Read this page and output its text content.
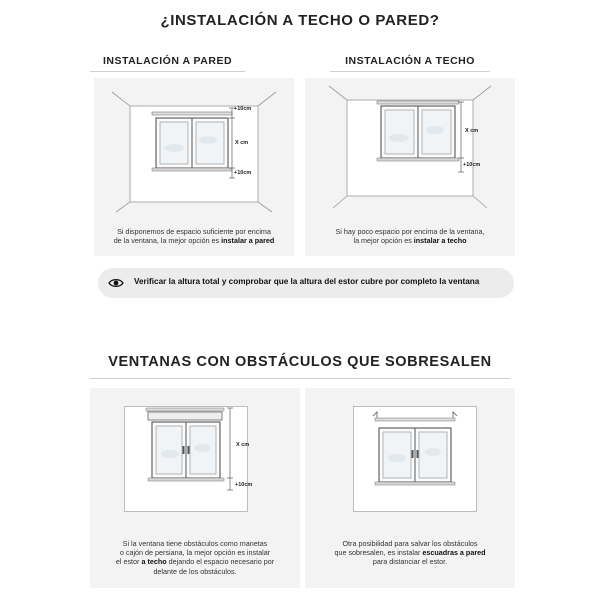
¿INSTALACIÓN A TECHO O PARED?
INSTALACIÓN A PARED	INSTALACIÓN A TECHO
+10cm
X cm
+10cm
Si disponemos de espacio suficiente por encima
de la ventana, la mejor opción es instalar a pared
X cm
+10cm
Si hay poco espacio por encima de la ventana,
la mejor opción es instalar a techo
Verificar la altura total y comprobar que la altura del estor cubre por completo la ventana
VENTANAS CON OBSTÁCULOS QUE SOBRESALEN
X cm
+10cm
Si la ventana tiene obstáculos como manetas
o cajón de persiana, la mejor opción es instalar
el estor a techo dejando el espacio necesario por
delante de los obstáculos.
Otra posibilidad para salvar los obstáculos
que sobresalen, es instalar escuadras a pared
para distanciar el estor.
